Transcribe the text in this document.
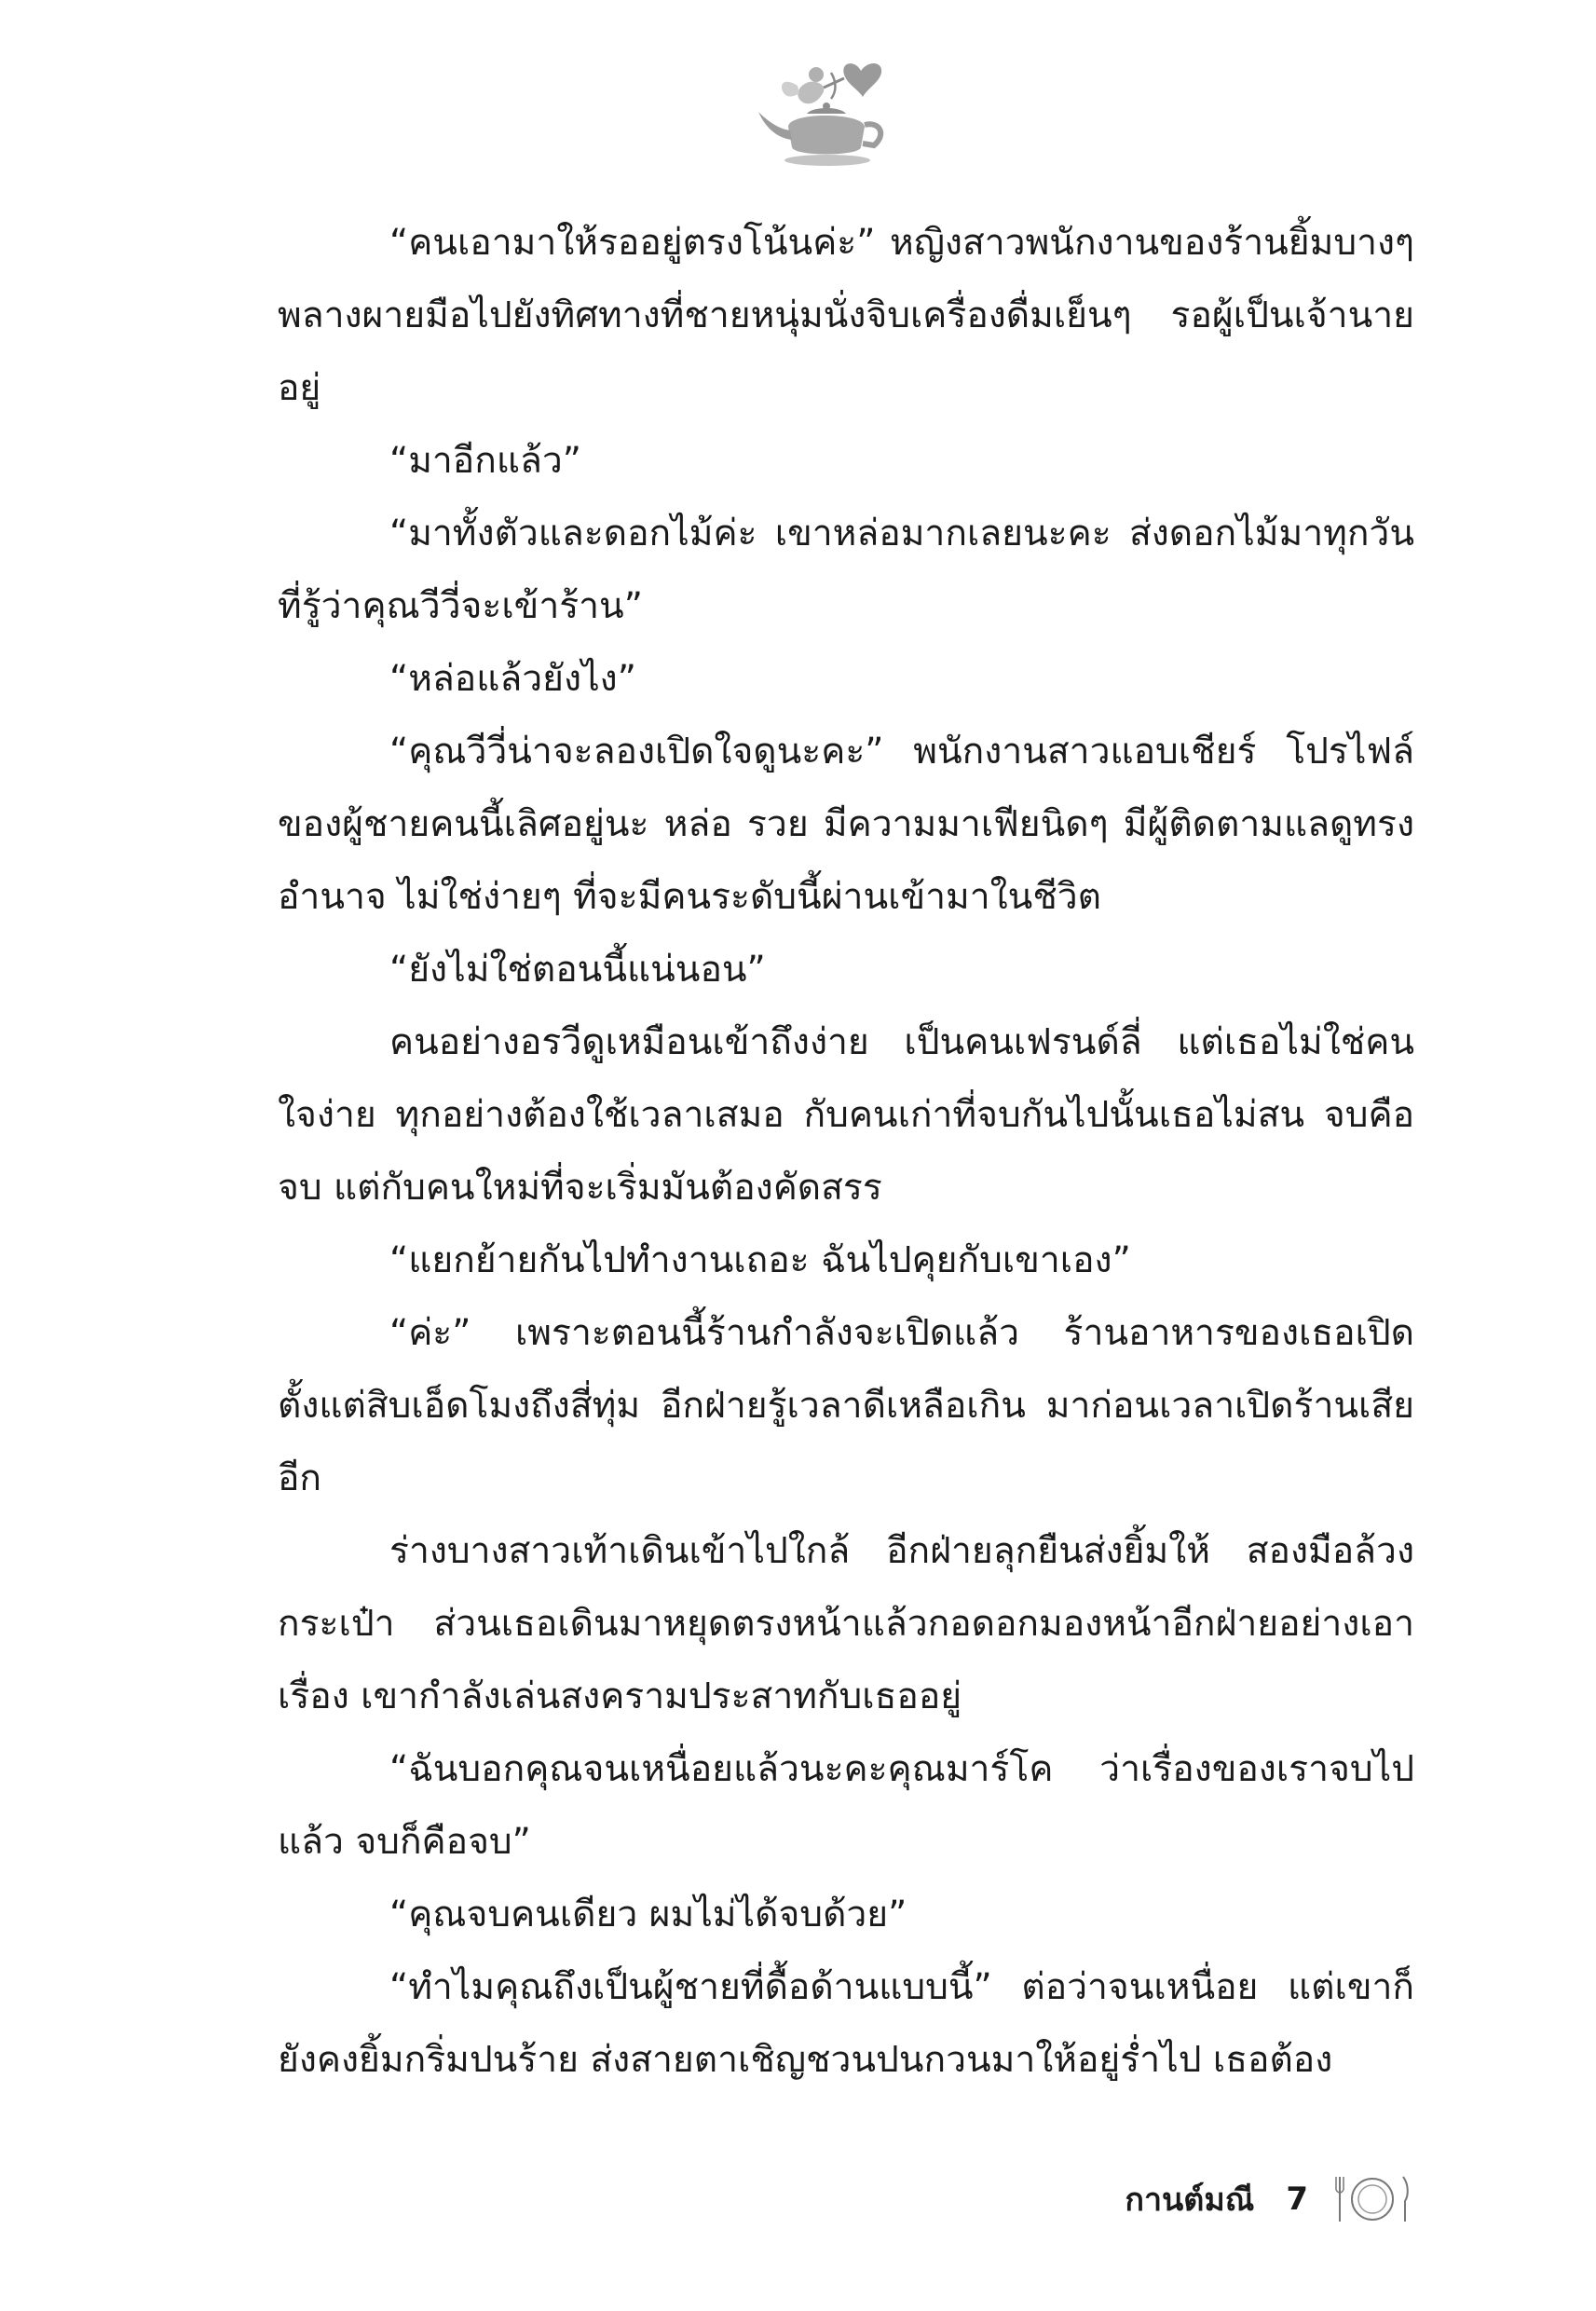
“คนเอามาให้รออยู่ตรงโน้นค่ะ” หญิงสาวพนักงานของร้านยิ้มบางๆ พลางผายมือไปยังทิศทางที่ชายหนุ่มนั่งจิบเครื่องดื่มเย็นๆ รอผู้เป็นเจ้านายอยู่

“มาอีกแล้ว”

“มาทั้งตัวและดอกไม้ค่ะ เขาหล่อมากเลยนะคะ ส่งดอกไม้มาทุกวันที่รู้ว่าคุณวีวี่จะเข้าร้าน”

“หล่อแล้วยังไง”

“คุณวีวี่น่าจะลองเปิดใจดูนะคะ” พนักงานสาวแอบเชียร์ โปรไฟล์ของผู้ชายคนนี้เลิศอยู่นะ หล่อ รวย มีความมาเฟียนิดๆ มีผู้ติดตามแลดูทรงอำนาจ ไม่ใช่ง่ายๆ ที่จะมีคนระดับนี้ผ่านเข้ามาในชีวิต

“ยังไม่ใช่ตอนนี้แน่นอน”

คนอย่างอรวีดูเหมือนเข้าถึงง่าย เป็นคนเฟรนด์ลี่ แต่เธอไม่ใช่คนใจง่าย ทุกอย่างต้องใช้เวลาเสมอ กับคนเก่าที่จบกันไปนั้นเธอไม่สน จบคือจบ แต่กับคนใหม่ที่จะเริ่มมันต้องคัดสรร

“แยกย้ายกันไปทำงานเถอะ ฉันไปคุยกับเขาเอง”

“ค่ะ” เพราะตอนนี้ร้านกำลังจะเปิดแล้ว ร้านอาหารของเธอเปิดตั้งแต่สิบเอ็ดโมงถึงสี่ทุ่ม อีกฝ่ายรู้เวลาดีเหลือเกิน มาก่อนเวลาเปิดร้านเสียอีก

ร่างบางสาวเท้าเดินเข้าไปใกล้ อีกฝ่ายลุกยืนส่งยิ้มให้ สองมือล้วงกระเป๋า ส่วนเธอเดินมาหยุดตรงหน้าแล้วกอดอกมองหน้าอีกฝ่ายอย่างเอาเรื่อง เขากำลังเล่นสงครามประสาทกับเธออยู่

“ฉันบอกคุณจนเหนื่อยแล้วนะคะคุณมาร์โค ว่าเรื่องของเราจบไปแล้ว จบก็คือจบ”

“คุณจบคนเดียว ผมไม่ได้จบด้วย”

“ทำไมคุณถึงเป็นผู้ชายที่ดื้อด้านแบบนี้” ต่อว่าจนเหนื่อย แต่เขาก็ยังคงยิ้มกริ่มปนร้าย ส่งสายตาเชิญชวนปนกวนมาให้อยู่ร่ำไป เธอต้อง

กานต์มณี 7
